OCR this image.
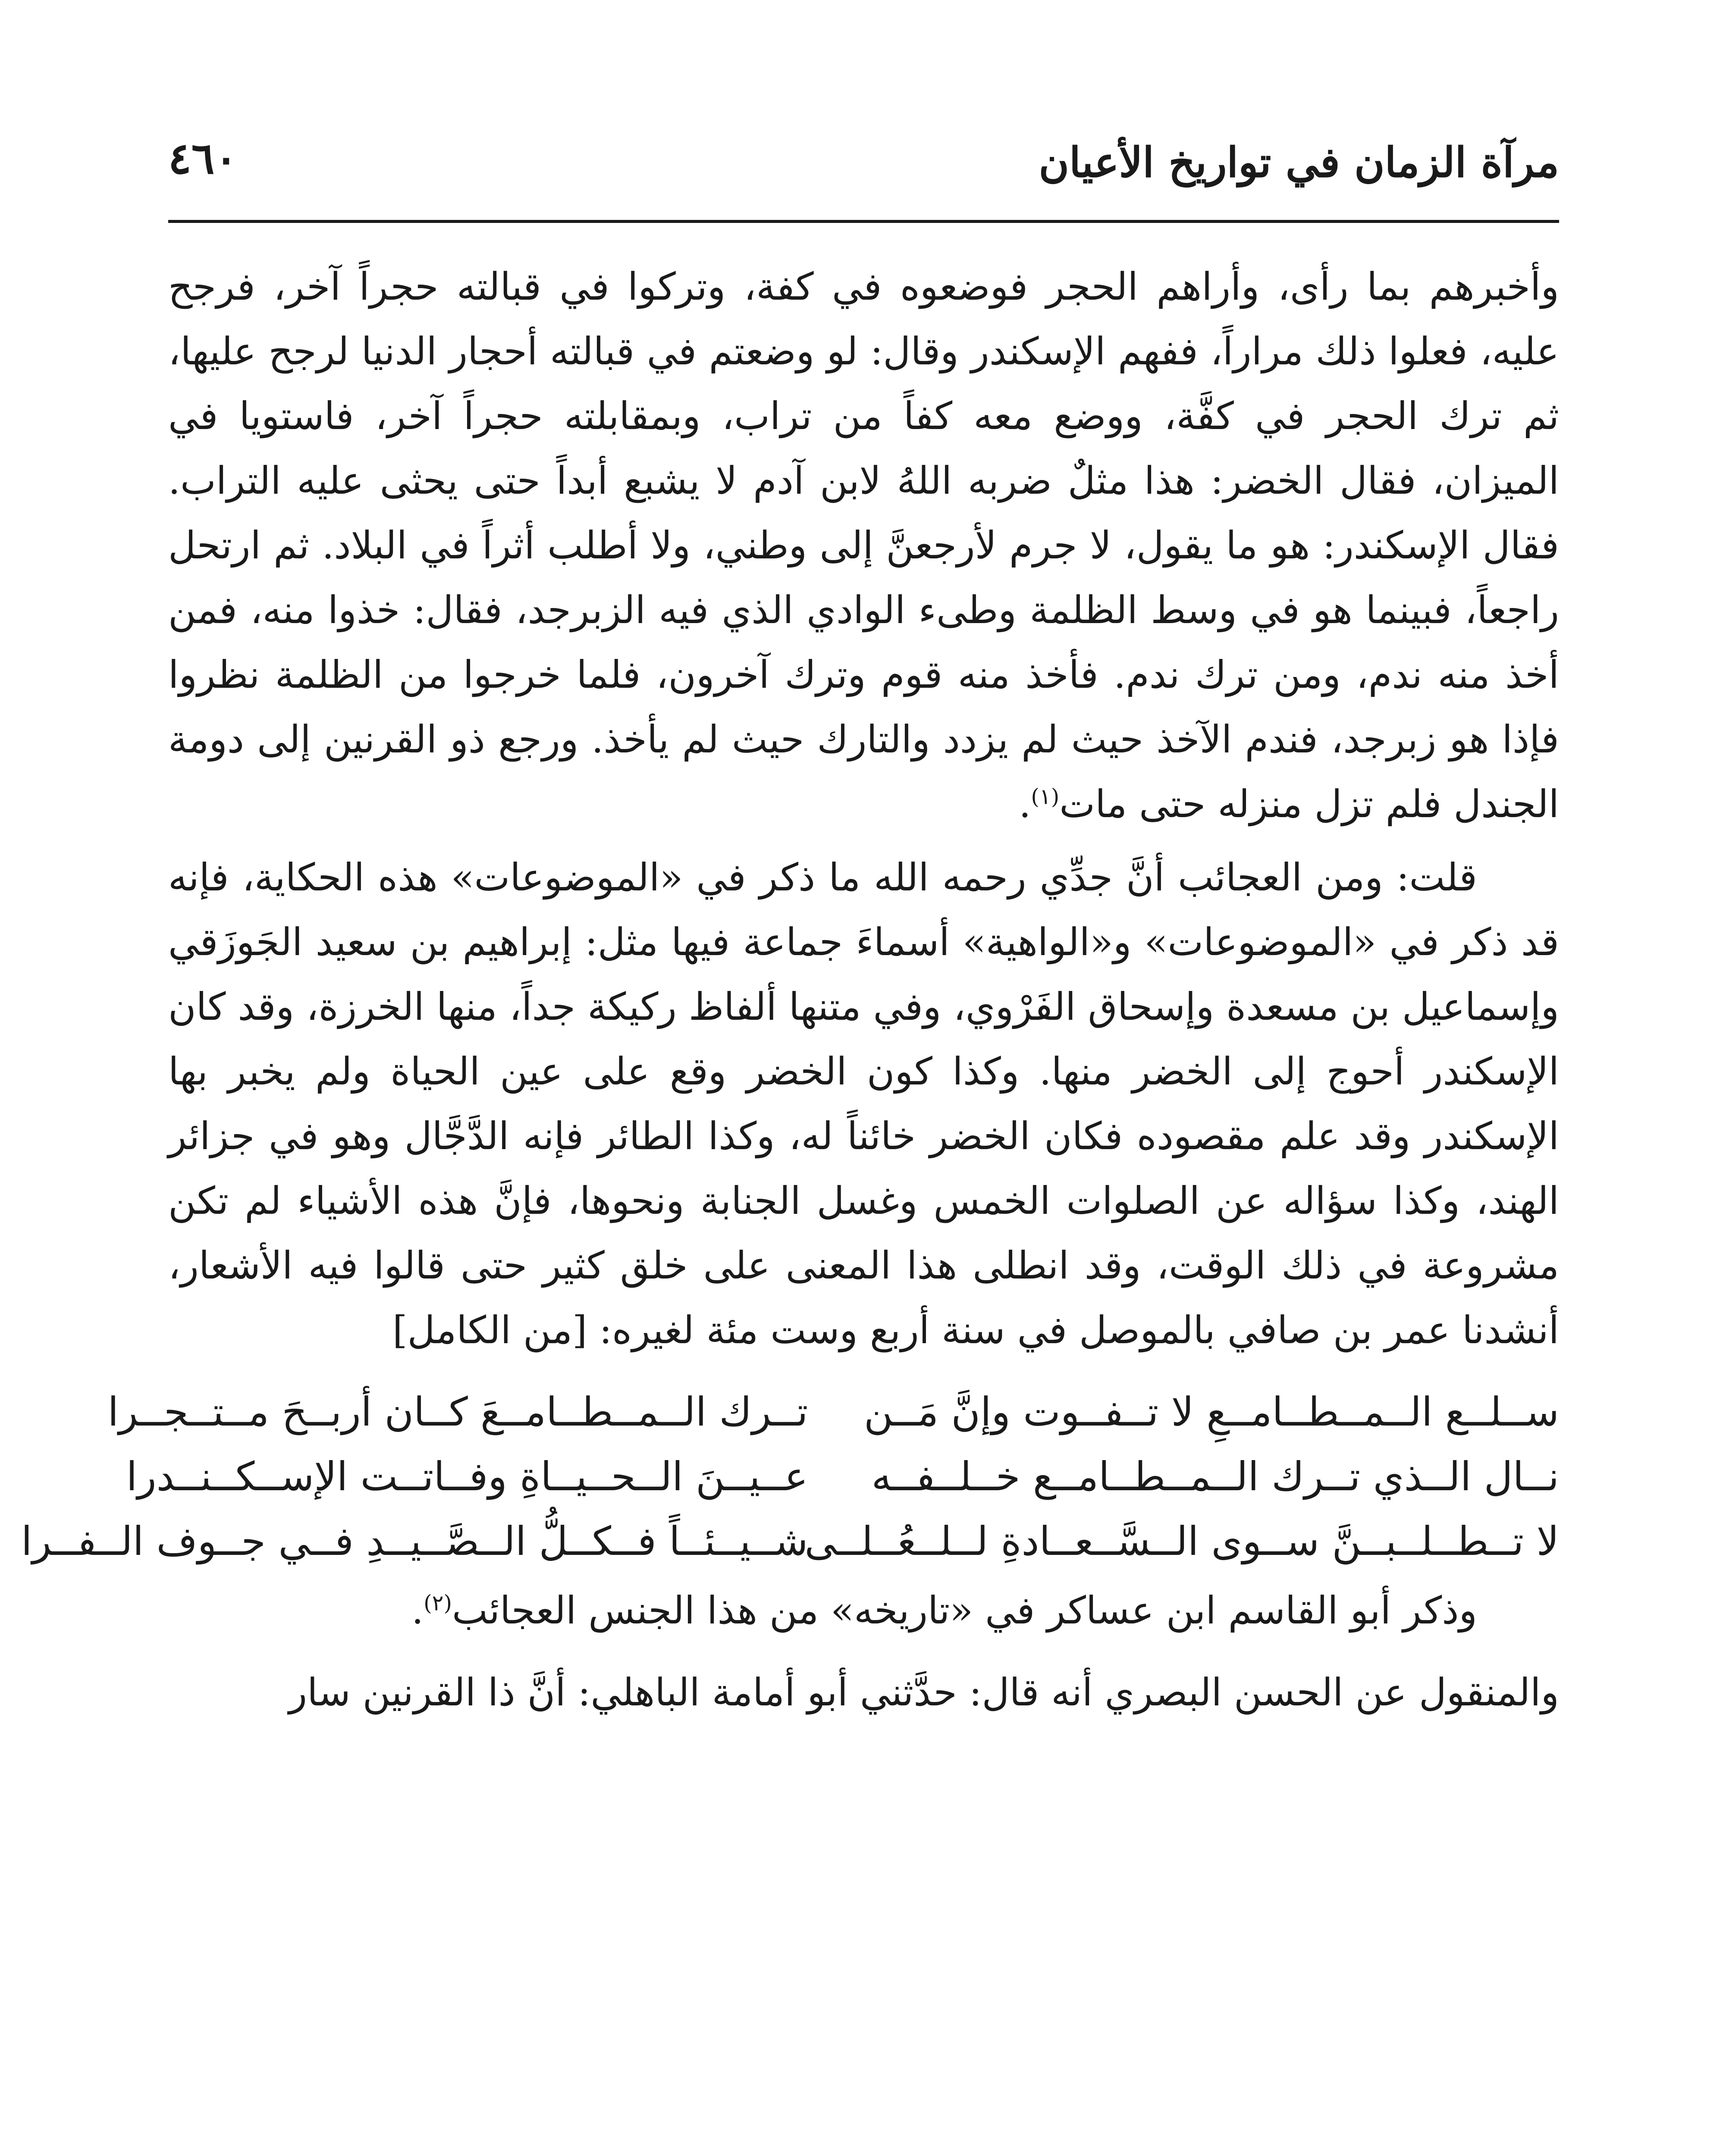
مرآة الزمان في تواريخ الأعيان
٤٦٠

وأخبرهم بما رأى، وأراهم الحجر فوضعوه في كفة، وتركوا في قبالته حجراً آخر، فرجح عليه، فعلوا ذلك مراراً، ففهم الإسكندر وقال: لو وضعتم في قبالته أحجار الدنيا لرجح عليها، ثم ترك الحجر في كفَّة، ووضع معه كفاً من تراب، وبمقابلته حجراً آخر، فاستويا في الميزان، فقال الخضر: هذا مثلٌ ضربه اللهُ لابن آدم لا يشبع أبداً حتى يحثى عليه التراب. فقال الإسكندر: هو ما يقول، لا جرم لأرجعنَّ إلى وطني، ولا أطلب أثراً في البلاد. ثم ارتحل راجعاً، فبينما هو في وسط الظلمة وطىء الوادي الذي فيه الزبرجد، فقال: خذوا منه، فمن أخذ منه ندم، ومن ترك ندم. فأخذ منه قوم وترك آخرون، فلما خرجوا من الظلمة نظروا فإذا هو زبرجد، فندم الآخذ حيث لم يزدد والتارك حيث لم يأخذ. ورجع ذو القرنين إلى دومة الجندل فلم تزل منزله حتى مات$^{(١)}$.

قلت: ومن العجائب أنَّ جدِّي رحمه الله ما ذكر في «الموضوعات» هذه الحكاية، فإنه قد ذكر في «الموضوعات» و«الواهية» أسماءَ جماعة فيها مثل: إبراهيم بن سعيد الجَوزَقي وإسماعيل بن مسعدة وإسحاق الفَرْوي، وفي متنها ألفاظ ركيكة جداً، منها الخرزة، وقد كان الإسكندر أحوج إلى الخضر منها. وكذا كون الخضر وقع على عين الحياة ولم يخبر بها الإسكندر وقد علم مقصوده فكان الخضر خائناً له، وكذا الطائر فإنه الدَّجَّال وهو في جزائر الهند، وكذا سؤاله عن الصلوات الخمس وغسل الجنابة ونحوها، فإنَّ هذه الأشياء لم تكن مشروعة في ذلك الوقت، وقد انطلى هذا المعنى على خلق كثير حتى قالوا فيه الأشعار، أنشدنا عمر بن صافي بالموصل في سنة أربع وست مئة لغيره: [من الكامل]

ســلــع الــمــطــامــعِ لا تــفــوت وإنَّ مَــن
تــرك الــمــطــامــعَ كــان أربــحَ مــتــجــرا
نــال الــذي تــرك الــمــطــامــع خــلــفــه
عــيــنَ الــحــيــاةِ وفــاتــت الإســكــنــدرا
لا تــطــلــبــنَّ ســوى الــسَّــعــادةِ لــلــعُــلــى
شــيــئــاً فــكــلُّ الــصَّــيــدِ فــي جــوف الــفــرا

وذكر أبو القاسم ابن عساكر في «تاريخه» من هذا الجنس العجائب$^{(٢)}$.

والمنقول عن الحسن البصري أنه قال: حدَّثني أبو أمامة الباهلي: أنَّ ذا القرنين سار
